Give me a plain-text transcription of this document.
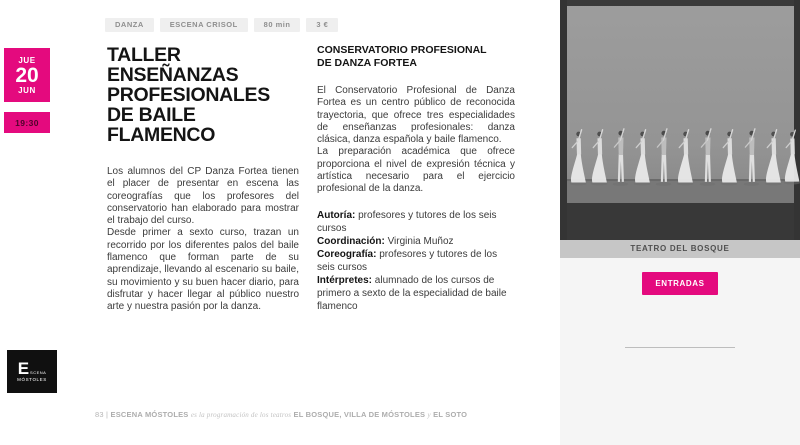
DANZA	ESCENA CRISOL	80 min	3 €
JUE
20
JUN
19:30
TALLER
ENSEÑANZAS
PROFESIONALES
DE BAILE
FLAMENCO

Los alumnos del CP Danza Fortea tienen el placer de presentar en escena las coreografías que los profesores del conservatorio han elaborado para mostrar el trabajo del curso.

Desde primer a sexto curso, trazan un recorrido por los diferentes palos del baile flamenco que forman parte de su aprendizaje, llevando al escenario su baile, su movimiento y su buen hacer diario, para disfrutar y hacer llegar al público nuestro arte y nuestra pasión por la danza.

CONSERVATORIO PROFESIONAL DE DANZA FORTEA

El Conservatorio Profesional de Danza Fortea es un centro público de reconocida trayectoria, que ofrece tres especialidades de enseñanzas profesionales: danza clásica, danza española y baile flamenco.

La preparación académica que ofrece proporciona el nivel de expresión técnica y artística necesario para el ejercicio profesional de la danza.

Autoría: profesores y tutores de los seis cursos

Coordinación: Virginia Muñoz

Coreografía: profesores y tutores de los seis cursos

Intérpretes: alumnado de los cursos de primero a sexto de la especialidad de baile flamenco

TEATRO DEL BOSQUE
ENTRADAS
E SCENA
MÓSTOLES
83 | ESCENA MÓSTOLES es la programación de los teatros EL BOSQUE, VILLA DE MÓSTOLES y EL SOTO
